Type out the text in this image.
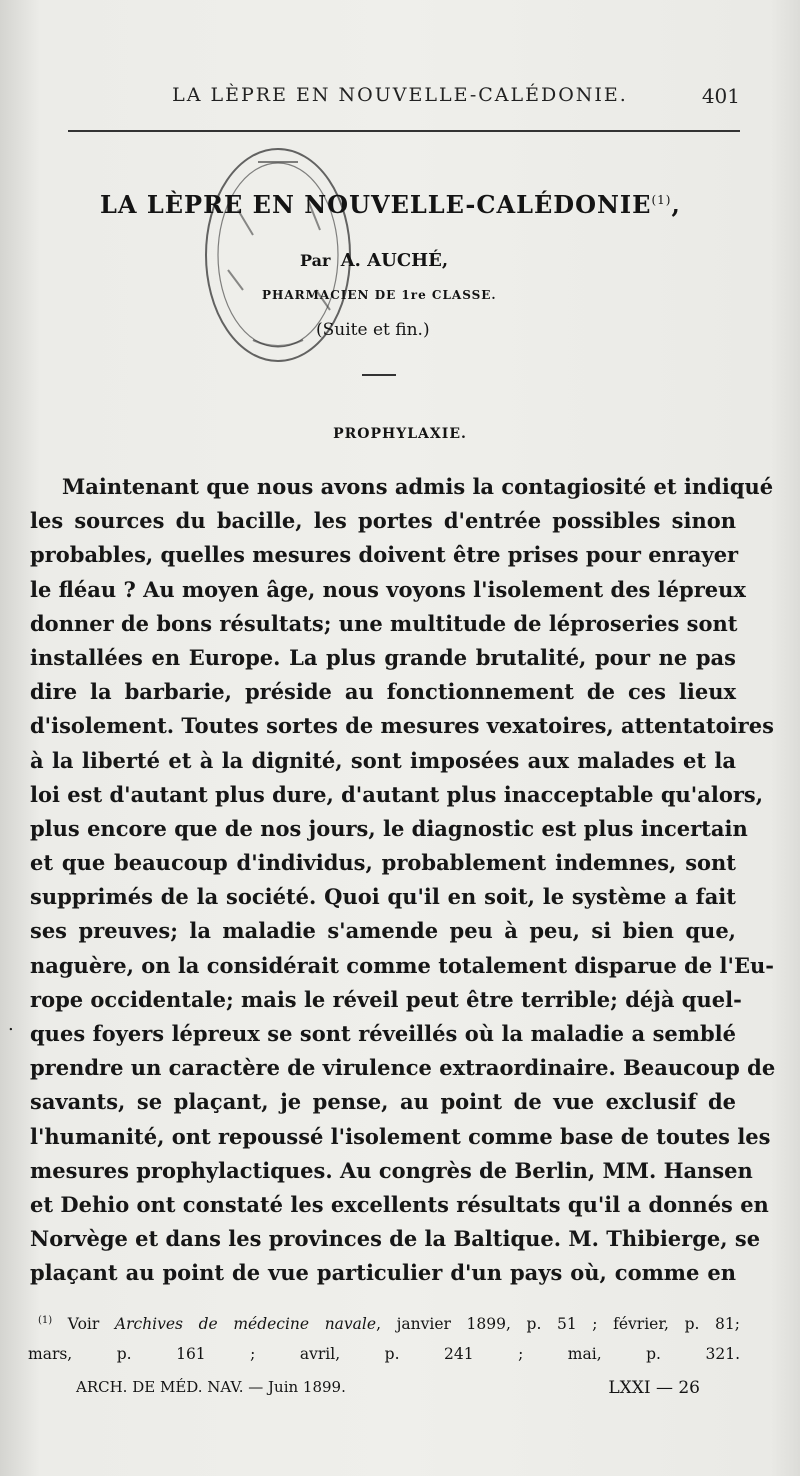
LA LÈPRE EN NOUVELLE-CALÉDONIE.	401
LA LÈPRE EN NOUVELLE-CALÉDONIE$^{(1)}$,
Par A. AUCHÉ,
PHARMACIEN DE 1re CLASSE.
(Suite et fin.)
PROPHYLAXIE.
Maintenant que nous avons admis la contagiosité et indiqué
les sources du bacille, les portes d'entrée possibles sinon
probables, quelles mesures doivent être prises pour enrayer
le fléau ? Au moyen âge, nous voyons l'isolement des lépreux
donner de bons résultats; une multitude de léproseries sont
installées en Europe. La plus grande brutalité, pour ne pas
dire la barbarie, préside au fonctionnement de ces lieux
d'isolement. Toutes sortes de mesures vexatoires, attentatoires
à la liberté et à la dignité, sont imposées aux malades et la
loi est d'autant plus dure, d'autant plus inacceptable qu'alors,
plus encore que de nos jours, le diagnostic est plus incertain
et que beaucoup d'individus, probablement indemnes, sont
supprimés de la société. Quoi qu'il en soit, le système a fait
ses preuves; la maladie s'amende peu à peu, si bien que,
naguère, on la considérait comme totalement disparue de l'Eu-
rope occidentale; mais le réveil peut être terrible; déjà quel-
ques foyers lépreux se sont réveillés où la maladie a semblé
prendre un caractère de virulence extraordinaire. Beaucoup de
savants, se plaçant, je pense, au point de vue exclusif de
l'humanité, ont repoussé l'isolement comme base de toutes les
mesures prophylactiques. Au congrès de Berlin, MM. Hansen
et Dehio ont constaté les excellents résultats qu'il a donnés en
Norvège et dans les provinces de la Baltique. M. Thibierge, se
plaçant au point de vue particulier d'un pays où, comme en
.
$^{(1)}$ Voir Archives de médecine navale, janvier 1899, p. 51 ; février, p. 81;
mars, p. 161 ; avril, p. 241 ; mai, p. 321.
ARCH. DE MÉD. NAV. — Juin 1899.	LXXI — 26
